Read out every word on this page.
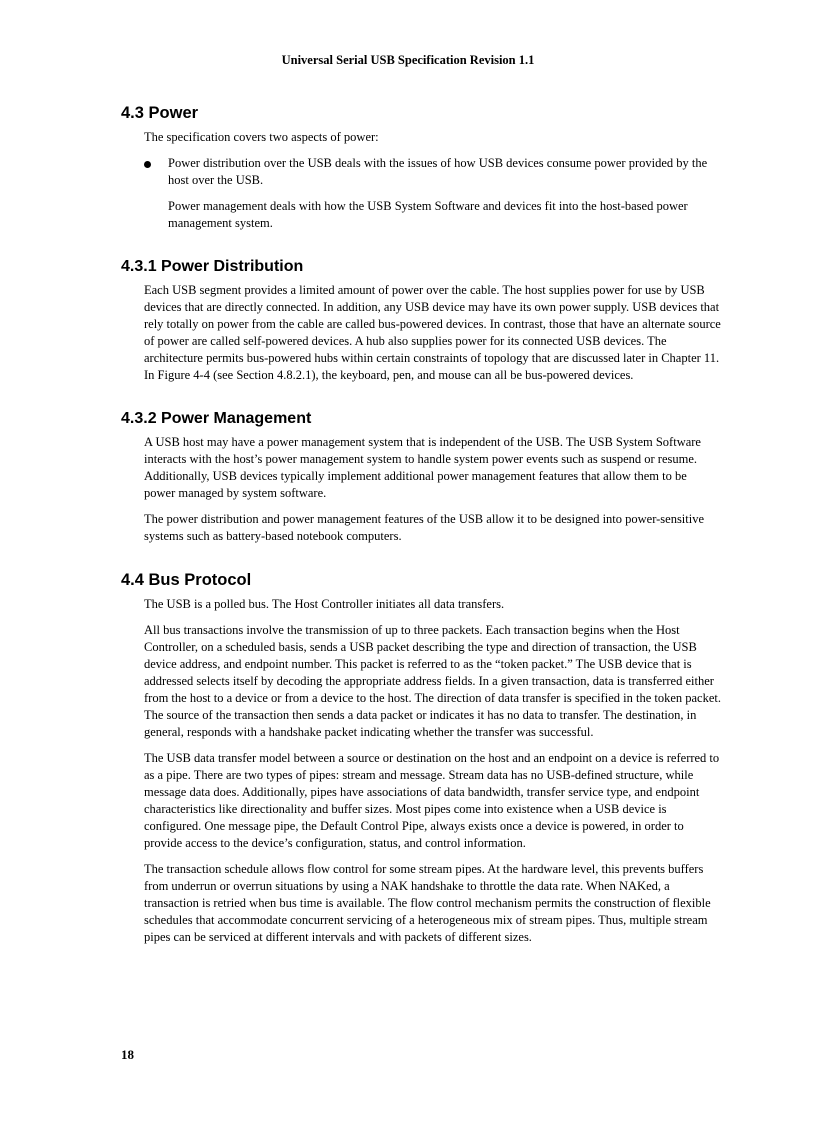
Universal Serial USB Specification Revision 1.1
4.3 Power

The specification covers two aspects of power:

Power distribution over the USB deals with the issues of how USB devices consume power provided by the host over the USB.

Power management deals with how the USB System Software and devices fit into the host-based power management system.

4.3.1 Power Distribution

Each USB segment provides a limited amount of power over the cable. The host supplies power for use by USB devices that are directly connected. In addition, any USB device may have its own power supply. USB devices that rely totally on power from the cable are called bus-powered devices. In contrast, those that have an alternate source of power are called self-powered devices. A hub also supplies power for its connected USB devices. The architecture permits bus-powered hubs within certain constraints of topology that are discussed later in Chapter 11. In Figure 4-4 (see Section 4.8.2.1), the keyboard, pen, and mouse can all be bus-powered devices.

4.3.2 Power Management

A USB host may have a power management system that is independent of the USB. The USB System Software interacts with the host’s power management system to handle system power events such as suspend or resume. Additionally, USB devices typically implement additional power management features that allow them to be power managed by system software.

The power distribution and power management features of the USB allow it to be designed into power-sensitive systems such as battery-based notebook computers.

4.4 Bus Protocol

The USB is a polled bus. The Host Controller initiates all data transfers.

All bus transactions involve the transmission of up to three packets. Each transaction begins when the Host Controller, on a scheduled basis, sends a USB packet describing the type and direction of transaction, the USB device address, and endpoint number. This packet is referred to as the “token packet.” The USB device that is addressed selects itself by decoding the appropriate address fields. In a given transaction, data is transferred either from the host to a device or from a device to the host. The direction of data transfer is specified in the token packet. The source of the transaction then sends a data packet or indicates it has no data to transfer. The destination, in general, responds with a handshake packet indicating whether the transfer was successful.

The USB data transfer model between a source or destination on the host and an endpoint on a device is referred to as a pipe. There are two types of pipes: stream and message. Stream data has no USB-defined structure, while message data does. Additionally, pipes have associations of data bandwidth, transfer service type, and endpoint characteristics like directionality and buffer sizes. Most pipes come into existence when a USB device is configured. One message pipe, the Default Control Pipe, always exists once a device is powered, in order to provide access to the device’s configuration, status, and control information.

The transaction schedule allows flow control for some stream pipes. At the hardware level, this prevents buffers from underrun or overrun situations by using a NAK handshake to throttle the data rate. When NAKed, a transaction is retried when bus time is available. The flow control mechanism permits the construction of flexible schedules that accommodate concurrent servicing of a heterogeneous mix of stream pipes. Thus, multiple stream pipes can be serviced at different intervals and with packets of different sizes.

18
